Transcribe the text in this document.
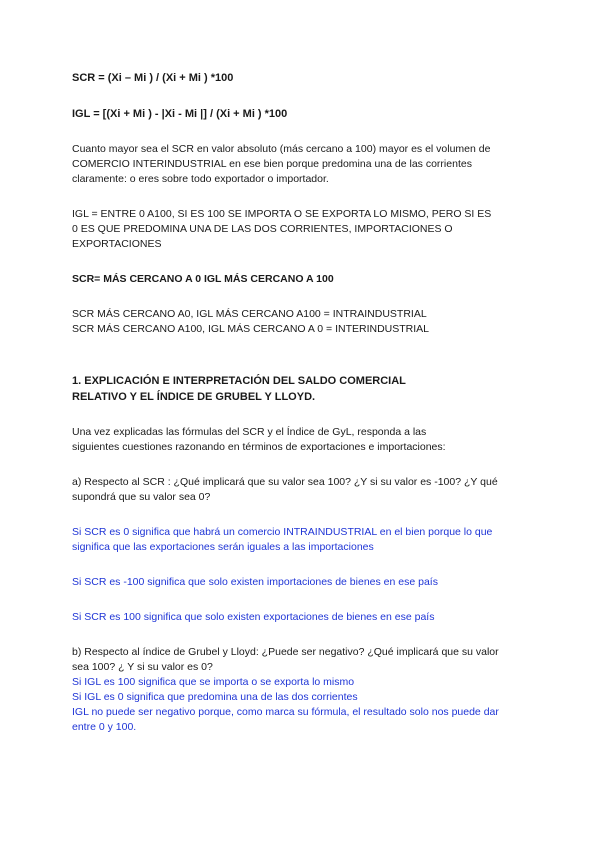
SCR = (Xi – Mi ) / (Xi + Mi ) *100
IGL = [(Xi + Mi ) - |Xi - Mi |] / (Xi + Mi ) *100
Cuanto mayor sea el SCR en valor absoluto (más cercano a 100) mayor es el volumen de
COMERCIO INTERINDUSTRIAL en ese bien porque predomina una de las corrientes
claramente: o eres sobre todo exportador o importador.
IGL = ENTRE 0 A100, SI ES 100 SE IMPORTA O SE EXPORTA LO MISMO, PERO SI ES
0 ES QUE PREDOMINA UNA DE LAS DOS CORRIENTES, IMPORTACIONES O
EXPORTACIONES
SCR= MÁS CERCANO A 0 IGL MÁS CERCANO A 100
SCR MÁS CERCANO A0, IGL MÁS CERCANO A100 = INTRAINDUSTRIAL
SCR MÁS CERCANO A100, IGL MÁS CERCANO A 0 = INTERINDUSTRIAL
1. EXPLICACIÓN E INTERPRETACIÓN DEL SALDO COMERCIAL
RELATIVO Y EL ÍNDICE DE GRUBEL Y LLOYD.
Una vez explicadas las fórmulas del SCR y el Índice de GyL, responda a las
siguientes cuestiones razonando en términos de exportaciones e importaciones:
a) Respecto al SCR : ¿Qué implicará que su valor sea 100? ¿Y si su valor es -100? ¿Y qué
supondrá que su valor sea 0?
Si SCR es 0 significa que habrá un comercio INTRAINDUSTRIAL en el bien porque lo que
significa que las exportaciones serán iguales a las importaciones
Si SCR es -100 significa que solo existen importaciones de bienes en ese país
Si SCR es 100 significa que solo existen exportaciones de bienes en ese país
b) Respecto al índice de Grubel y Lloyd: ¿Puede ser negativo? ¿Qué implicará que su valor
sea 100? ¿ Y si su valor es 0?
Si IGL es 100 significa que se importa o se exporta lo mismo
Si IGL es 0 significa que predomina una de las dos corrientes
IGL no puede ser negativo porque, como marca su fórmula, el resultado solo nos puede dar
entre 0 y 100.
